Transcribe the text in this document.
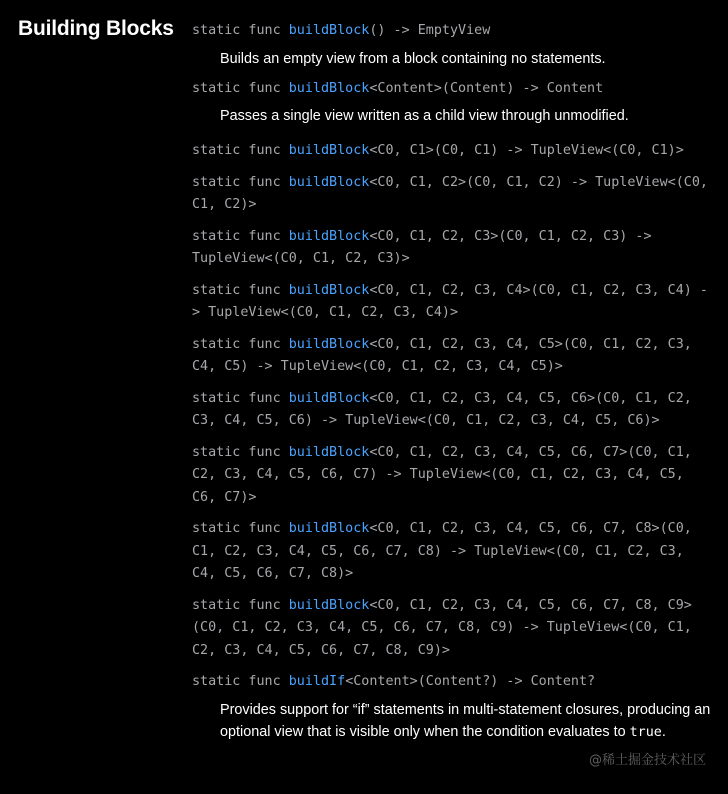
Building Blocks static func buildBlock() -> EmptyView
Builds an empty view from a block containing no statements.
static func buildBlock<Content>(Content) -> Content
Passes a single view written as a child view through unmodified.
static func buildBlock<C0, C1>(C0, C1) -> TupleView<(C0, C1)>
static func buildBlock<C0, C1, C2>(C0, C1, C2) -> Tuple​View<(C0, C1, C2)>
static func buildBlock<C0, C1, C2, C3>(C0, C1, C2, C3) -> TupleView<(C0, C1, C2, C3)>
static func buildBlock<C0, C1, C2, C3, C4>(C0, C1, C2, C3, C4) -> TupleView<(C0, C1, C2, C3, C4)>
static func buildBlock<C0, C1, C2, C3, C4, C5>(C0, C1, C2, C3, C4, C5) -> TupleView<(C0, C1, C2, C3, C4, C5)>
static func buildBlock<C0, C1, C2, C3, C4, C5, C6>(C0, C1, C2, C3, C4, C5, C6) -> TupleView<(C0, C1, C2, C3, C4, C5, C6)>
static func buildBlock<C0, C1, C2, C3, C4, C5, C6, C7>(C0, C1, C2, C3, C4, C5, C6, C7) -> TupleView<(C0, C1, C2, C3, C4, C5, C6, C7)>
static func buildBlock<C0, C1, C2, C3, C4, C5, C6, C7, C8>(C0, C1, C2, C3, C4, C5, C6, C7, C8) -> TupleView<(C0, C1, C2, C3, C4, C5, C6, C7, C8)>
static func buildBlock<C0, C1, C2, C3, C4, C5, C6, C7, C8, C9>(C0, C1, C2, C3, C4, C5, C6, C7, C8, C9) -> Tuple​View<(C0, C1, C2, C3, C4, C5, C6, C7, C8, C9)>
static func buildIf<Content>(Content?) -> Content?
Provides support for “if” statements in multi-statement closures, producing an optional view that is visible only when the condition evaluates to true.
@稀土掘金技术社区
